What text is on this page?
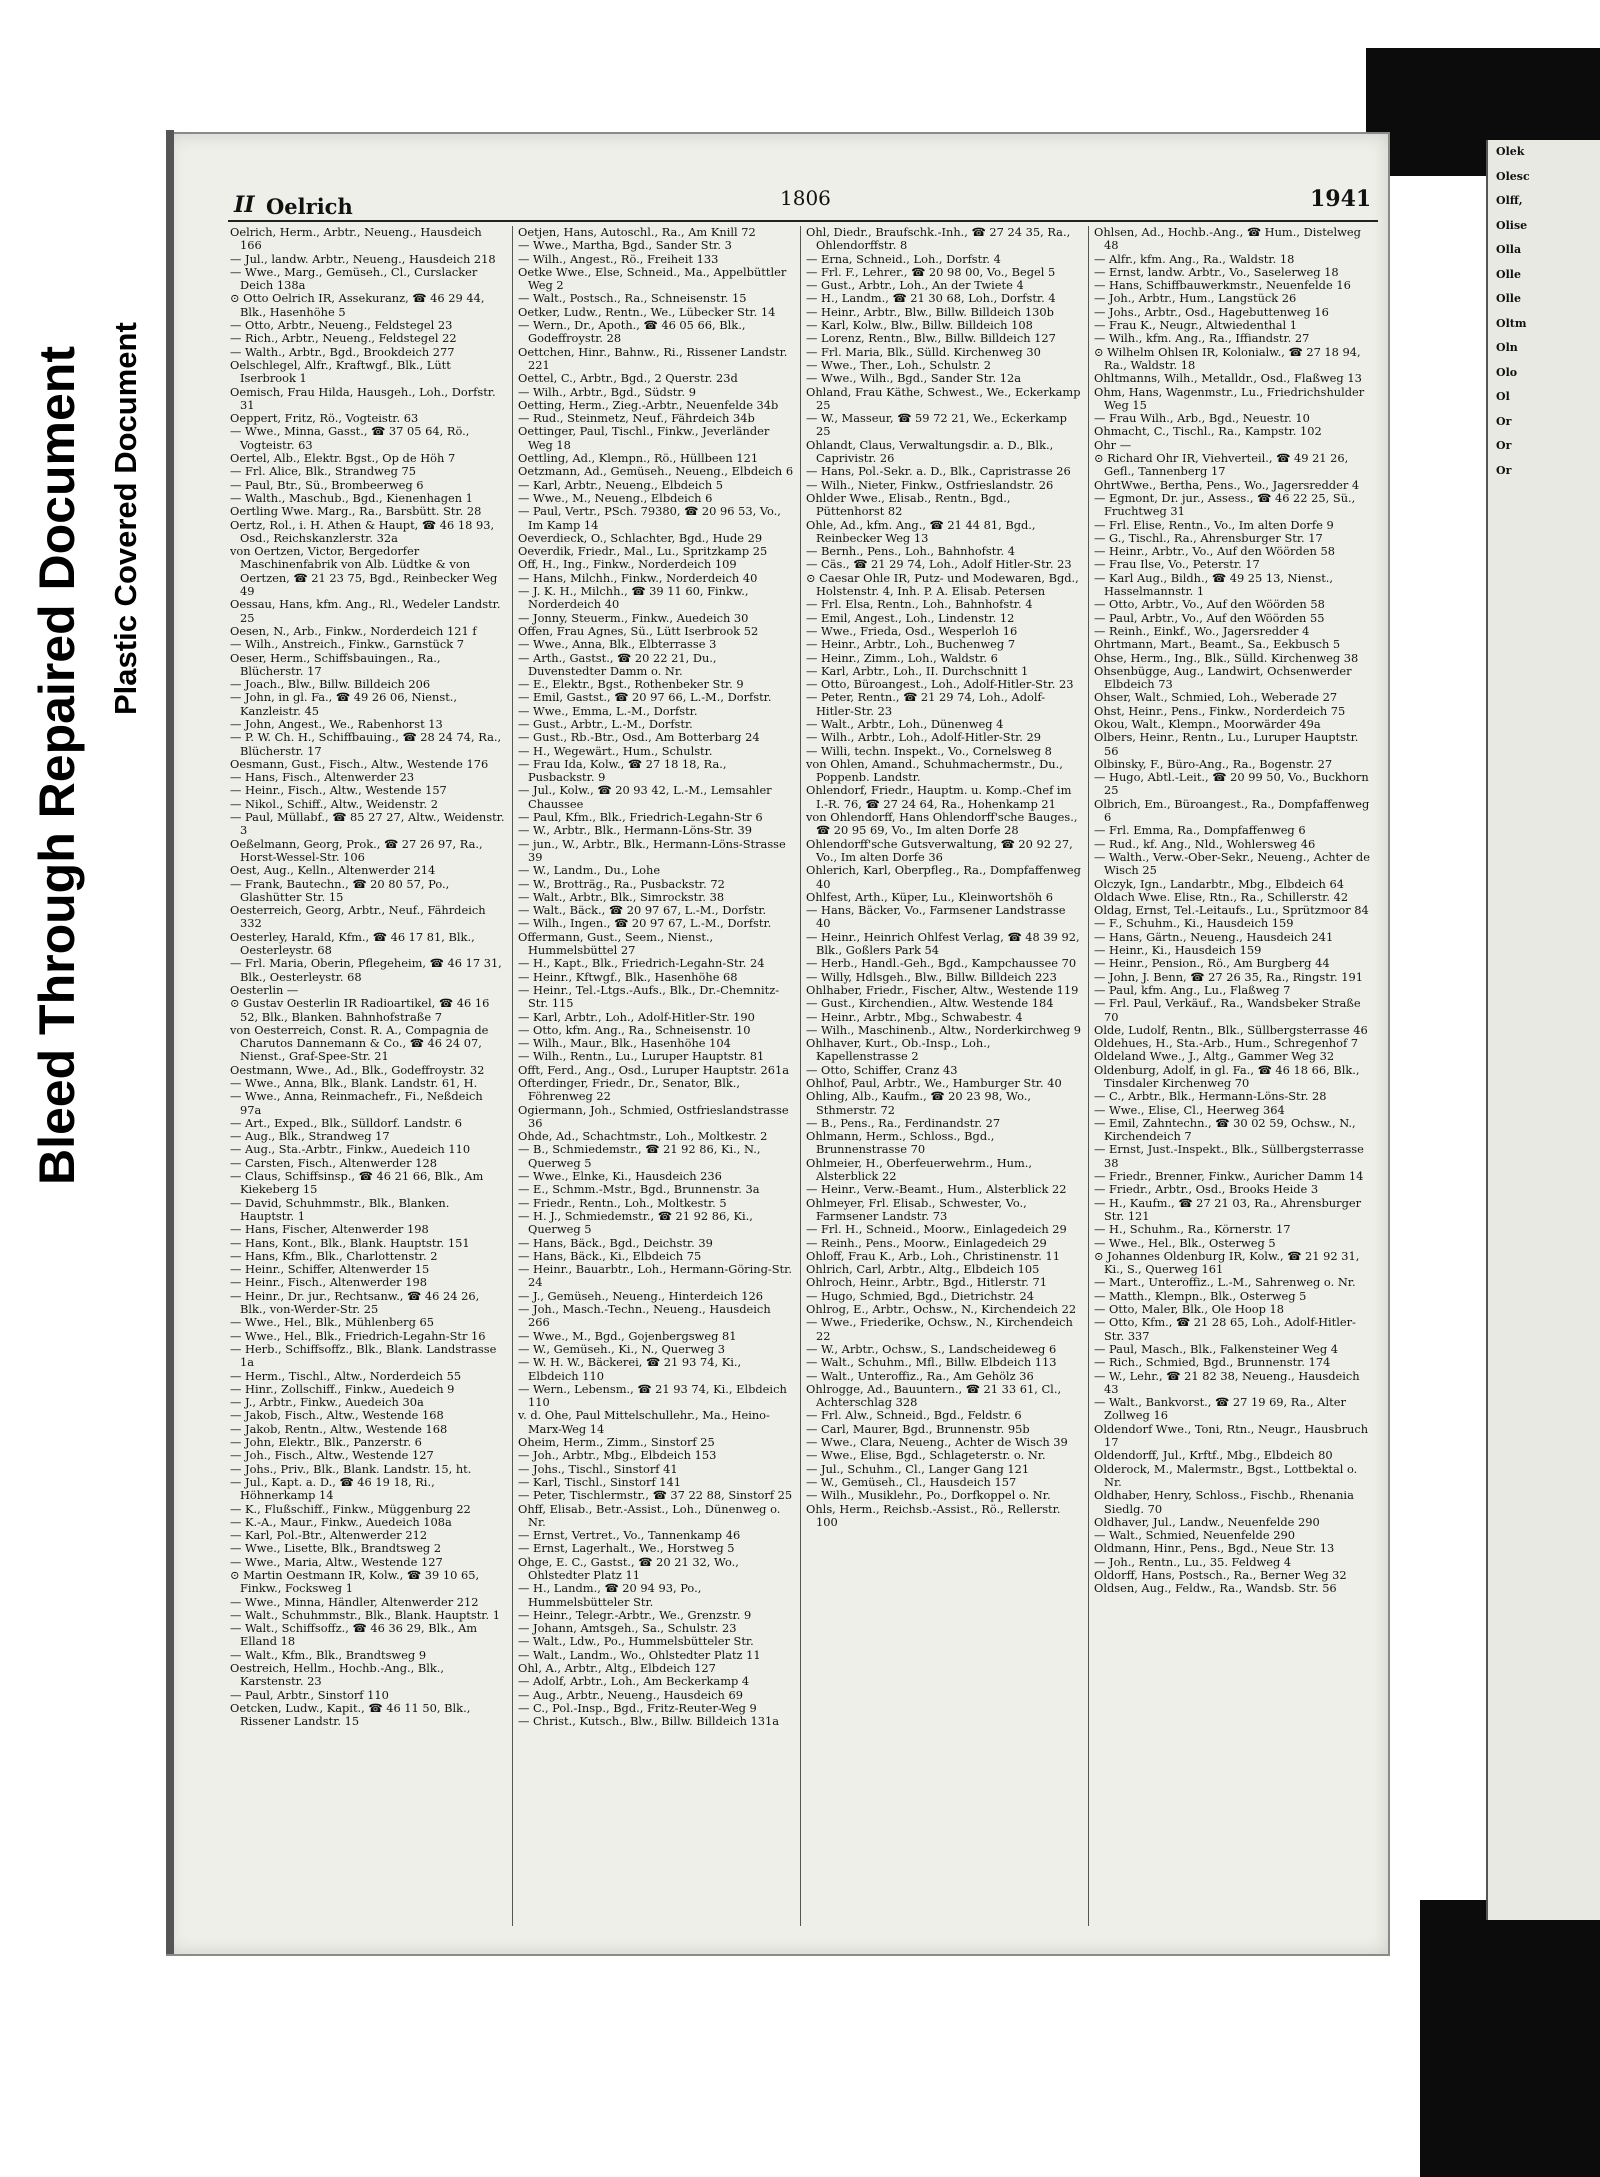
Bleed Through Repaired Document Plastic Covered Document
Olek
Olesc
Olff,
Olise
Olla
Olle
Olle
Oltm
Oln
Olo
Ol
Or
Or
Or
II Oelrich	1806	1941

Oelrich, Herm., Arbtr., Neueng., Hausdeich 166

— Jul., landw. Arbtr., Neueng., Hausdeich 218

— Wwe., Marg., Gemüseh., Cl., Curslacker Deich 138a

⊙ Otto Oelrich IR, Assekuranz, ☎ 46 29 44, Blk., Hasenhöhe 5

— Otto, Arbtr., Neueng., Feldstegel 23

— Rich., Arbtr., Neueng., Feldstegel 22

— Walth., Arbtr., Bgd., Brookdeich 277

Oelschlegel, Alfr., Kraftwgf., Blk., Lütt Iserbrook 1

Oemisch, Frau Hilda, Hausgeh., Loh., Dorfstr. 31

Oeppert, Fritz, Rö., Vogteistr. 63

— Wwe., Minna, Gasst., ☎ 37 05 64, Rö., Vogteistr. 63

Oertel, Alb., Elektr. Bgst., Op de Höh 7

— Frl. Alice, Blk., Strandweg 75

— Paul, Btr., Sü., Brombeerweg 6

— Walth., Maschub., Bgd., Kienenhagen 1

Oertling Wwe. Marg., Ra., Barsbütt. Str. 28

Oertz, Rol., i. H. Athen & Haupt, ☎ 46 18 93, Osd., Reichskanzlerstr. 32a

von Oertzen, Victor, Bergedorfer Maschinenfabrik von Alb. Lüdtke & von Oertzen, ☎ 21 23 75, Bgd., Reinbecker Weg 49

Oessau, Hans, kfm. Ang., Rl., Wedeler Landstr. 25

Oesen, N., Arb., Finkw., Norderdeich 121 f

— Wilh., Anstreich., Finkw., Garnstück 7

Oeser, Herm., Schiffsbauingen., Ra., Blücherstr. 17

— Joach., Blw., Billw. Billdeich 206

— John, in gl. Fa., ☎ 49 26 06, Nienst., Kanzleistr. 45

— John, Angest., We., Rabenhorst 13

— P. W. Ch. H., Schiffbauing., ☎ 28 24 74, Ra., Blücherstr. 17

Oesmann, Gust., Fisch., Altw., Westende 176

— Hans, Fisch., Altenwerder 23

— Heinr., Fisch., Altw., Westende 157

— Nikol., Schiff., Altw., Weidenstr. 2

— Paul, Müllabf., ☎ 85 27 27, Altw., Weidenstr. 3

Oeßelmann, Georg, Prok., ☎ 27 26 97, Ra., Horst-Wessel-Str. 106

Oest, Aug., Kelln., Altenwerder 214

— Frank, Bautechn., ☎ 20 80 57, Po., Glashütter Str. 15

Oesterreich, Georg, Arbtr., Neuf., Fährdeich 332

Oesterley, Harald, Kfm., ☎ 46 17 81, Blk., Oesterleystr. 68

— Frl. Maria, Oberin, Pflegeheim, ☎ 46 17 31, Blk., Oesterleystr. 68

Oesterlin —

⊙ Gustav Oesterlin IR Radioartikel, ☎ 46 16 52, Blk., Blanken. Bahnhofstraße 7

von Oesterreich, Const. R. A., Compagnia de Charutos Dannemann & Co., ☎ 46 24 07, Nienst., Graf-Spee-Str. 21

Oestmann, Wwe., Ad., Blk., Godeffroystr. 32

— Wwe., Anna, Blk., Blank. Landstr. 61, H.

— Wwe., Anna, Reinmachefr., Fi., Neßdeich 97a

— Art., Exped., Blk., Sülldorf. Landstr. 6

— Aug., Blk., Strandweg 17

— Aug., Sta.-Arbtr., Finkw., Auedeich 110

— Carsten, Fisch., Altenwerder 128

— Claus, Schiffsinsp., ☎ 46 21 66, Blk., Am Kiekeberg 15

— David, Schuhmmstr., Blk., Blanken. Hauptstr. 1

— Hans, Fischer, Altenwerder 198

— Hans, Kont., Blk., Blank. Hauptstr. 151

— Hans, Kfm., Blk., Charlottenstr. 2

— Heinr., Schiffer, Altenwerder 15

— Heinr., Fisch., Altenwerder 198

— Heinr., Dr. jur., Rechtsanw., ☎ 46 24 26, Blk., von-Werder-Str. 25

— Wwe., Hel., Blk., Mühlenberg 65

— Wwe., Hel., Blk., Friedrich-Legahn-Str 16

— Herb., Schiffsoffz., Blk., Blank. Landstrasse 1a

— Herm., Tischl., Altw., Norderdeich 55

— Hinr., Zollschiff., Finkw., Auedeich 9

— J., Arbtr., Finkw., Auedeich 30a

— Jakob, Fisch., Altw., Westende 168

— Jakob, Rentn., Altw., Westende 168

— John, Elektr., Blk., Panzerstr. 6

— Joh., Fisch., Altw., Westende 127

— Johs., Priv., Blk., Blank. Landstr. 15, ht.

— Jul., Kapt. a. D., ☎ 46 19 18, Ri., Höhnerkamp 14

— K., Flußschiff., Finkw., Müggenburg 22

— K.-A., Maur., Finkw., Auedeich 108a

— Karl, Pol.-Btr., Altenwerder 212

— Wwe., Lisette, Blk., Brandtsweg 2

— Wwe., Maria, Altw., Westende 127

⊙ Martin Oestmann IR, Kolw., ☎ 39 10 65, Finkw., Focksweg 1

— Wwe., Minna, Händler, Altenwerder 212

— Walt., Schuhmmstr., Blk., Blank. Hauptstr. 1

— Walt., Schiffsoffz., ☎ 46 36 29, Blk., Am Elland 18

— Walt., Kfm., Blk., Brandtsweg 9

Oestreich, Hellm., Hochb.-Ang., Blk., Karstenstr. 23

— Paul, Arbtr., Sinstorf 110

Oetcken, Ludw., Kapit., ☎ 46 11 50, Blk., Rissener Landstr. 15

Oetjen, Hans, Autoschl., Ra., Am Knill 72

— Wwe., Martha, Bgd., Sander Str. 3

— Wilh., Angest., Rö., Freiheit 133

Oetke Wwe., Else, Schneid., Ma., Appelbüttler Weg 2

— Walt., Postsch., Ra., Schneisenstr. 15

Oetker, Ludw., Rentn., We., Lübecker Str. 14

— Wern., Dr., Apoth., ☎ 46 05 66, Blk., Godeffroystr. 28

Oettchen, Hinr., Bahnw., Ri., Rissener Landstr. 221

Oettel, C., Arbtr., Bgd., 2 Querstr. 23d

— Wilh., Arbtr., Bgd., Südstr. 9

Oetting, Herm., Zieg.-Arbtr., Neuenfelde 34b

— Rud., Steinmetz, Neuf., Fährdeich 34b

Oettinger, Paul, Tischl., Finkw., Jeverländer Weg 18

Oettling, Ad., Klempn., Rö., Hüllbeen 121

Oetzmann, Ad., Gemüseh., Neueng., Elbdeich 6

— Karl, Arbtr., Neueng., Elbdeich 5

— Wwe., M., Neueng., Elbdeich 6

— Paul, Vertr., PSch. 79380, ☎ 20 96 53, Vo., Im Kamp 14

Oeverdieck, O., Schlachter, Bgd., Hude 29

Oeverdik, Friedr., Mal., Lu., Spritzkamp 25

Off, H., Ing., Finkw., Norderdeich 109

— Hans, Milchh., Finkw., Norderdeich 40

— J. K. H., Milchh., ☎ 39 11 60, Finkw., Norderdeich 40

— Jonny, Steuerm., Finkw., Auedeich 30

Offen, Frau Agnes, Sü., Lütt Iserbrook 52

— Wwe., Anna, Blk., Elbterrasse 3

— Arth., Gastst., ☎ 20 22 21, Du., Duvenstedter Damm o. Nr.

— E., Elektr., Bgst., Rothenbeker Str. 9

— Emil, Gastst., ☎ 20 97 66, L.-M., Dorfstr.

— Wwe., Emma, L.-M., Dorfstr.

— Gust., Arbtr., L.-M., Dorfstr.

— Gust., Rb.-Btr., Osd., Am Botterbarg 24

— H., Wegewärt., Hum., Schulstr.

— Frau Ida, Kolw., ☎ 27 18 18, Ra., Pusbackstr. 9

— Jul., Kolw., ☎ 20 93 42, L.-M., Lemsahler Chaussee

— Paul, Kfm., Blk., Friedrich-Legahn-Str 6

— W., Arbtr., Blk., Hermann-Löns-Str. 39

— jun., W., Arbtr., Blk., Hermann-Löns-Strasse 39

— W., Landm., Du., Lohe

— W., Brotträg., Ra., Pusbackstr. 72

— Walt., Arbtr., Blk., Simrockstr. 38

— Walt., Bäck., ☎ 20 97 67, L.-M., Dorfstr.

— Wilh., Ingen., ☎ 20 97 67, L.-M., Dorfstr.

Offermann, Gust., Seem., Nienst., Hummelsbüttel 27

— H., Kapt., Blk., Friedrich-Legahn-Str. 24

— Heinr., Kftwgf., Blk., Hasenhöhe 68

— Heinr., Tel.-Ltgs.-Aufs., Blk., Dr.-Chemnitz-Str. 115

— Karl, Arbtr., Loh., Adolf-Hitler-Str. 190

— Otto, kfm. Ang., Ra., Schneisenstr. 10

— Wilh., Maur., Blk., Hasenhöhe 104

— Wilh., Rentn., Lu., Luruper Hauptstr. 81

Offt, Ferd., Ang., Osd., Luruper Hauptstr. 261a

Ofterdinger, Friedr., Dr., Senator, Blk., Föhrenweg 22

Ogiermann, Joh., Schmied, Ostfrieslandstrasse 36

Ohde, Ad., Schachtmstr., Loh., Moltkestr. 2

— B., Schmiedemstr., ☎ 21 92 86, Ki., N., Querweg 5

— Wwe., Elnke, Ki., Hausdeich 236

— E., Schmm.-Mstr., Bgd., Brunnenstr. 3a

— Friedr., Rentn., Loh., Moltkestr. 5

— H. J., Schmiedemstr., ☎ 21 92 86, Ki., Querweg 5

— Hans, Bäck., Bgd., Deichstr. 39

— Hans, Bäck., Ki., Elbdeich 75

— Heinr., Bauarbtr., Loh., Hermann-Göring-Str. 24

— J., Gemüseh., Neueng., Hinterdeich 126

— Joh., Masch.-Techn., Neueng., Hausdeich 266

— Wwe., M., Bgd., Gojenbergsweg 81

— W., Gemüseh., Ki., N., Querweg 3

— W. H. W., Bäckerei, ☎ 21 93 74, Ki., Elbdeich 110

— Wern., Lebensm., ☎ 21 93 74, Ki., Elbdeich 110

v. d. Ohe, Paul Mittelschullehr., Ma., Heino-Marx-Weg 14

Oheim, Herm., Zimm., Sinstorf 25

— Joh., Arbtr., Mbg., Elbdeich 153

— Johs., Tischl., Sinstorf 41

— Karl, Tischl., Sinstorf 141

— Peter, Tischlermstr., ☎ 37 22 88, Sinstorf 25

Ohff, Elisab., Betr.-Assist., Loh., Dünenweg o. Nr.

— Ernst, Vertret., Vo., Tannenkamp 46

— Ernst, Lagerhalt., We., Horstweg 5

Ohge, E. C., Gastst., ☎ 20 21 32, Wo., Ohlstedter Platz 11

— H., Landm., ☎ 20 94 93, Po., Hummelsbütteler Str.

— Heinr., Telegr.-Arbtr., We., Grenzstr. 9

— Johann, Amtsgeh., Sa., Schulstr. 23

— Walt., Ldw., Po., Hummelsbütteler Str.

— Walt., Landm., Wo., Ohlstedter Platz 11

Ohl, A., Arbtr., Altg., Elbdeich 127

— Adolf, Arbtr., Loh., Am Beckerkamp 4

— Aug., Arbtr., Neueng., Hausdeich 69

— C., Pol.-Insp., Bgd., Fritz-Reuter-Weg 9

— Christ., Kutsch., Blw., Billw. Billdeich 131a

Ohl, Diedr., Braufschk.-Inh., ☎ 27 24 35, Ra., Ohlendorffstr. 8

— Erna, Schneid., Loh., Dorfstr. 4

— Frl. F., Lehrer., ☎ 20 98 00, Vo., Begel 5

— Gust., Arbtr., Loh., An der Twiete 4

— H., Landm., ☎ 21 30 68, Loh., Dorfstr. 4

— Heinr., Arbtr., Blw., Billw. Billdeich 130b

— Karl, Kolw., Blw., Billw. Billdeich 108

— Lorenz, Rentn., Blw., Billw. Billdeich 127

— Frl. Maria, Blk., Sülld. Kirchenweg 30

— Wwe., Ther., Loh., Schulstr. 2

— Wwe., Wilh., Bgd., Sander Str. 12a

Ohland, Frau Käthe, Schwest., We., Eckerkamp 25

— W., Masseur, ☎ 59 72 21, We., Eckerkamp 25

Ohlandt, Claus, Verwaltungsdir. a. D., Blk., Caprivistr. 26

— Hans, Pol.-Sekr. a. D., Blk., Capristrasse 26

— Wilh., Nieter, Finkw., Ostfrieslandstr. 26

Ohlder Wwe., Elisab., Rentn., Bgd., Püttenhorst 82

Ohle, Ad., kfm. Ang., ☎ 21 44 81, Bgd., Reinbecker Weg 13

— Bernh., Pens., Loh., Bahnhofstr. 4

— Cäs., ☎ 21 29 74, Loh., Adolf Hitler-Str. 23

⊙ Caesar Ohle IR, Putz- und Modewaren, Bgd., Holstenstr. 4, Inh. P. A. Elisab. Petersen

— Frl. Elsa, Rentn., Loh., Bahnhofstr. 4

— Emil, Angest., Loh., Lindenstr. 12

— Wwe., Frieda, Osd., Wesperloh 16

— Heinr., Arbtr., Loh., Buchenweg 7

— Heinr., Zimm., Loh., Waldstr. 6

— Karl, Arbtr., Loh., II. Durchschnitt 1

— Otto, Büroangest., Loh., Adolf-Hitler-Str. 23

— Peter, Rentn., ☎ 21 29 74, Loh., Adolf-Hitler-Str. 23

— Walt., Arbtr., Loh., Dünenweg 4

— Wilh., Arbtr., Loh., Adolf-Hitler-Str. 29

— Willi, techn. Inspekt., Vo., Cornelsweg 8

von Ohlen, Amand., Schuhmachermstr., Du., Poppenb. Landstr.

Ohlendorf, Friedr., Hauptm. u. Komp.-Chef im I.-R. 76, ☎ 27 24 64, Ra., Hohenkamp 21

von Ohlendorff, Hans Ohlendorff'sche Bauges., ☎ 20 95 69, Vo., Im alten Dorfe 28

Ohlendorff'sche Gutsverwaltung, ☎ 20 92 27, Vo., Im alten Dorfe 36

Ohlerich, Karl, Oberpfleg., Ra., Dompfaffenweg 40

Ohlfest, Arth., Küper, Lu., Kleinwortshöh 6

— Hans, Bäcker, Vo., Farmsener Landstrasse 40

— Heinr., Heinrich Ohlfest Verlag, ☎ 48 39 92, Blk., Goßlers Park 54

— Herb., Handl.-Geh., Bgd., Kampchaussee 70

— Willy, Hdlsgeh., Blw., Billw. Billdeich 223

Ohlhaber, Friedr., Fischer, Altw., Westende 119

— Gust., Kirchendien., Altw. Westende 184

— Heinr., Arbtr., Mbg., Schwabestr. 4

— Wilh., Maschinenb., Altw., Norderkirchweg 9

Ohlhaver, Kurt., Ob.-Insp., Loh., Kapellenstrasse 2

— Otto, Schiffer, Cranz 43

Ohlhof, Paul, Arbtr., We., Hamburger Str. 40

Ohling, Alb., Kaufm., ☎ 20 23 98, Wo., Sthmerstr. 72

— B., Pens., Ra., Ferdinandstr. 27

Ohlmann, Herm., Schloss., Bgd., Brunnenstrasse 70

Ohlmeier, H., Oberfeuerwehrm., Hum., Alsterblick 22

— Heinr., Verw.-Beamt., Hum., Alsterblick 22

Ohlmeyer, Frl. Elisab., Schwester, Vo., Farmsener Landstr. 73

— Frl. H., Schneid., Moorw., Einlagedeich 29

— Reinh., Pens., Moorw., Einlagedeich 29

Ohloff, Frau K., Arb., Loh., Christinenstr. 11

Ohlrich, Carl, Arbtr., Altg., Elbdeich 105

Ohlroch, Heinr., Arbtr., Bgd., Hitlerstr. 71

— Hugo, Schmied, Bgd., Dietrichstr. 24

Ohlrog, E., Arbtr., Ochsw., N., Kirchendeich 22

— Wwe., Friederike, Ochsw., N., Kirchendeich 22

— W., Arbtr., Ochsw., S., Landscheideweg 6

— Walt., Schuhm., Mfl., Billw. Elbdeich 113

— Walt., Unteroffiz., Ra., Am Gehölz 36

Ohlrogge, Ad., Bauuntern., ☎ 21 33 61, Cl., Achterschlag 328

— Frl. Alw., Schneid., Bgd., Feldstr. 6

— Carl, Maurer, Bgd., Brunnenstr. 95b

— Wwe., Clara, Neueng., Achter de Wisch 39

— Wwe., Elise, Bgd., Schlageterstr. o. Nr.

— Jul., Schuhm., Cl., Langer Gang 121

— W., Gemüseh., Cl., Hausdeich 157

— Wilh., Musiklehr., Po., Dorfkoppel o. Nr.

Ohls, Herm., Reichsb.-Assist., Rö., Rellerstr. 100

Ohlsen, Ad., Hochb.-Ang., ☎ Hum., Distelweg 48

— Alfr., kfm. Ang., Ra., Waldstr. 18

— Ernst, landw. Arbtr., Vo., Saselerweg 18

— Hans, Schiffbauwerkmstr., Neuenfelde 16

— Joh., Arbtr., Hum., Langstück 26

— Johs., Arbtr., Osd., Hagebuttenweg 16

— Frau K., Neugr., Altwiedenthal 1

— Wilh., kfm. Ang., Ra., Iffiandstr. 27

⊙ Wilhelm Ohlsen IR, Kolonialw., ☎ 27 18 94, Ra., Waldstr. 18

Ohltmanns, Wilh., Metalldr., Osd., Flaßweg 13

Ohm, Hans, Wagenmstr., Lu., Friedrichshulder Weg 15

— Frau Wilh., Arb., Bgd., Neuestr. 10

Ohmacht, C., Tischl., Ra., Kampstr. 102

Ohr —

⊙ Richard Ohr IR, Viehverteil., ☎ 49 21 26, Gefl., Tannenberg 17

OhrtWwe., Bertha, Pens., Wo., Jagersredder 4

— Egmont, Dr. jur., Assess., ☎ 46 22 25, Sü., Fruchtweg 31

— Frl. Elise, Rentn., Vo., Im alten Dorfe 9

— G., Tischl., Ra., Ahrensburger Str. 17

— Heinr., Arbtr., Vo., Auf den Wöörden 58

— Frau Ilse, Vo., Peterstr. 17

— Karl Aug., Bildh., ☎ 49 25 13, Nienst., Hasselmannstr. 1

— Otto, Arbtr., Vo., Auf den Wöörden 58

— Paul, Arbtr., Vo., Auf den Wöörden 55

— Reinh., Einkf., Wo., Jagersredder 4

Ohrtmann, Mart., Beamt., Sa., Eekbusch 5

Ohse, Herm., Ing., Blk., Sülld. Kirchenweg 38

Ohsenbügge, Aug., Landwirt, Ochsenwerder Elbdeich 73

Ohser, Walt., Schmied, Loh., Weberade 27

Ohst, Heinr., Pens., Finkw., Norderdeich 75

Okou, Walt., Klempn., Moorwärder 49a

Olbers, Heinr., Rentn., Lu., Luruper Hauptstr. 56

Olbinsky, F., Büro-Ang., Ra., Bogenstr. 27

— Hugo, Abtl.-Leit., ☎ 20 99 50, Vo., Buckhorn 25

Olbrich, Em., Büroangest., Ra., Dompfaffenweg 6

— Frl. Emma, Ra., Dompfaffenweg 6

— Rud., kf. Ang., Nld., Wohlersweg 46

— Walth., Verw.-Ober-Sekr., Neueng., Achter de Wisch 25

Olczyk, Ign., Landarbtr., Mbg., Elbdeich 64

Oldach Wwe. Elise, Rtn., Ra., Schillerstr. 42

Oldag, Ernst, Tel.-Leitaufs., Lu., Sprützmoor 84

— F., Schuhm., Ki., Hausdeich 159

— Hans, Gärtn., Neueng., Hausdeich 241

— Heinr., Ki., Hausdeich 159

— Heinr., Pension., Rö., Am Burgberg 44

— John, J. Benn, ☎ 27 26 35, Ra., Ringstr. 191

— Paul, kfm. Ang., Lu., Flaßweg 7

— Frl. Paul, Verkäuf., Ra., Wandsbeker Straße 70

Olde, Ludolf, Rentn., Blk., Süllbergsterrasse 46

Oldehues, H., Sta.-Arb., Hum., Schregenhof 7

Oldeland Wwe., J., Altg., Gammer Weg 32

Oldenburg, Adolf, in gl. Fa., ☎ 46 18 66, Blk., Tinsdaler Kirchenweg 70

— C., Arbtr., Blk., Hermann-Löns-Str. 28

— Wwe., Elise, Cl., Heerweg 364

— Emil, Zahntechn., ☎ 30 02 59, Ochsw., N., Kirchendeich 7

— Ernst, Just.-Inspekt., Blk., Süllbergsterrasse 38

— Friedr., Brenner, Finkw., Auricher Damm 14

— Friedr., Arbtr., Osd., Brooks Heide 3

— H., Kaufm., ☎ 27 21 03, Ra., Ahrensburger Str. 121

— H., Schuhm., Ra., Körnerstr. 17

— Wwe., Hel., Blk., Osterweg 5

⊙ Johannes Oldenburg IR, Kolw., ☎ 21 92 31, Ki., S., Querweg 161

— Mart., Unteroffiz., L.-M., Sahrenweg o. Nr.

— Matth., Klempn., Blk., Osterweg 5

— Otto, Maler, Blk., Ole Hoop 18

— Otto, Kfm., ☎ 21 28 65, Loh., Adolf-Hitler-Str. 337

— Paul, Masch., Blk., Falkensteiner Weg 4

— Rich., Schmied, Bgd., Brunnenstr. 174

— W., Lehr., ☎ 21 82 38, Neueng., Hausdeich 43

— Walt., Bankvorst., ☎ 27 19 69, Ra., Alter Zollweg 16

Oldendorf Wwe., Toni, Rtn., Neugr., Hausbruch 17

Oldendorff, Jul., Krftf., Mbg., Elbdeich 80

Olderock, M., Malermstr., Bgst., Lottbektal o. Nr.

Oldhaber, Henry, Schloss., Fischb., Rhenania Siedlg. 70

Oldhaver, Jul., Landw., Neuenfelde 290

— Walt., Schmied, Neuenfelde 290

Oldmann, Hinr., Pens., Bgd., Neue Str. 13

— Joh., Rentn., Lu., 35. Feldweg 4

Oldorff, Hans, Postsch., Ra., Berner Weg 32

Oldsen, Aug., Feldw., Ra., Wandsb. Str. 56
